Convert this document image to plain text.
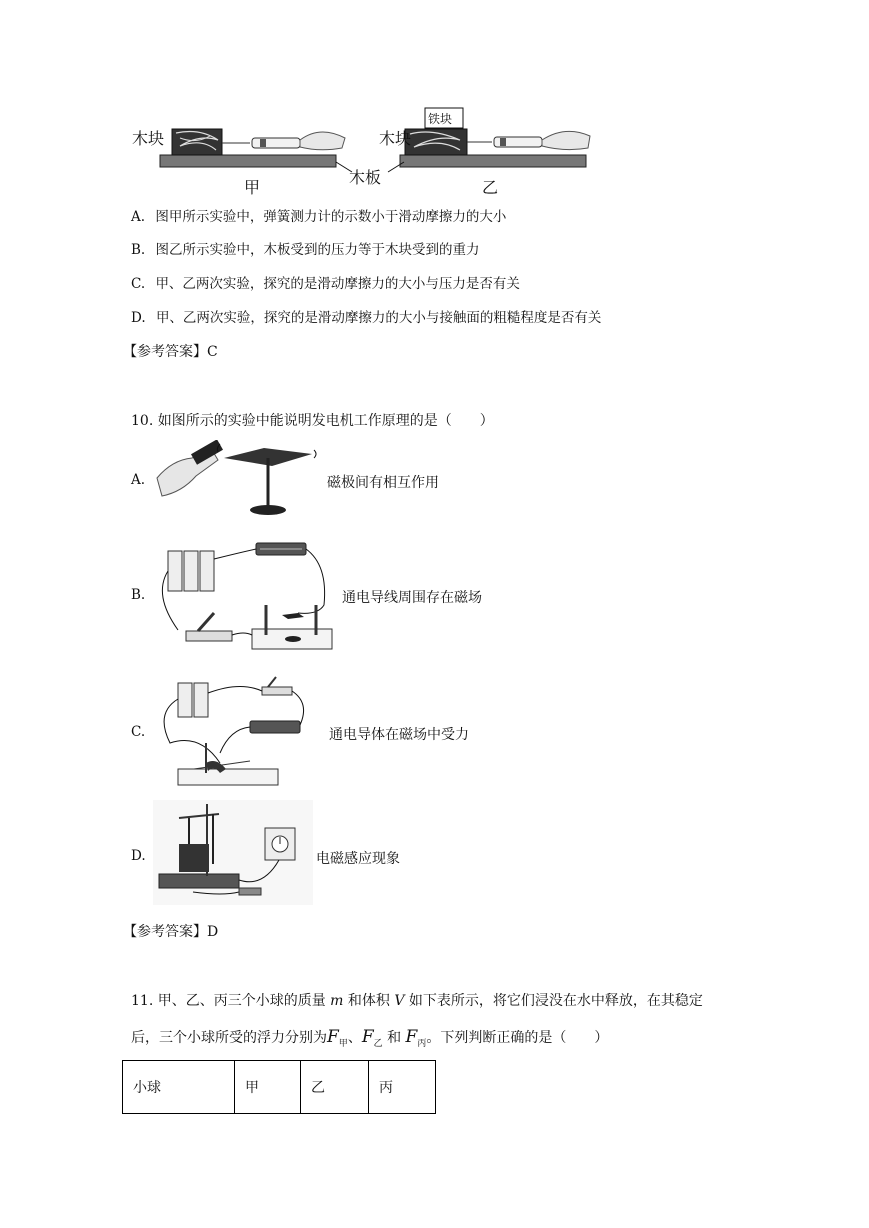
木块	木块
铁块
木板
甲	乙
A. 图甲所示实验中，弹簧测力计的示数小于滑动摩擦力的大小
B. 图乙所示实验中，木板受到的压力等于木块受到的重力
C. 甲、乙两次实验，探究的是滑动摩擦力的大小与压力是否有关
D. 甲、乙两次实验，探究的是滑动摩擦力的大小与接触面的粗糙程度是否有关
【参考答案】C
10. 如图所示的实验中能说明发电机工作原理的是（　　）
A.	磁极间有相互作用
B.	通电导线周围存在磁场
C.	通电导体在磁场中受力
D.	电磁感应现象
【参考答案】D
11. 甲、乙、丙三个小球的质量 m 和体积 V 如下表所示，将它们浸没在水中释放，在其稳定
后，三个小球所受的浮力分别为$F_甲$、$F_乙$ 和 $F_丙$。下列判断正确的是（　　）
小球	甲	乙	丙
